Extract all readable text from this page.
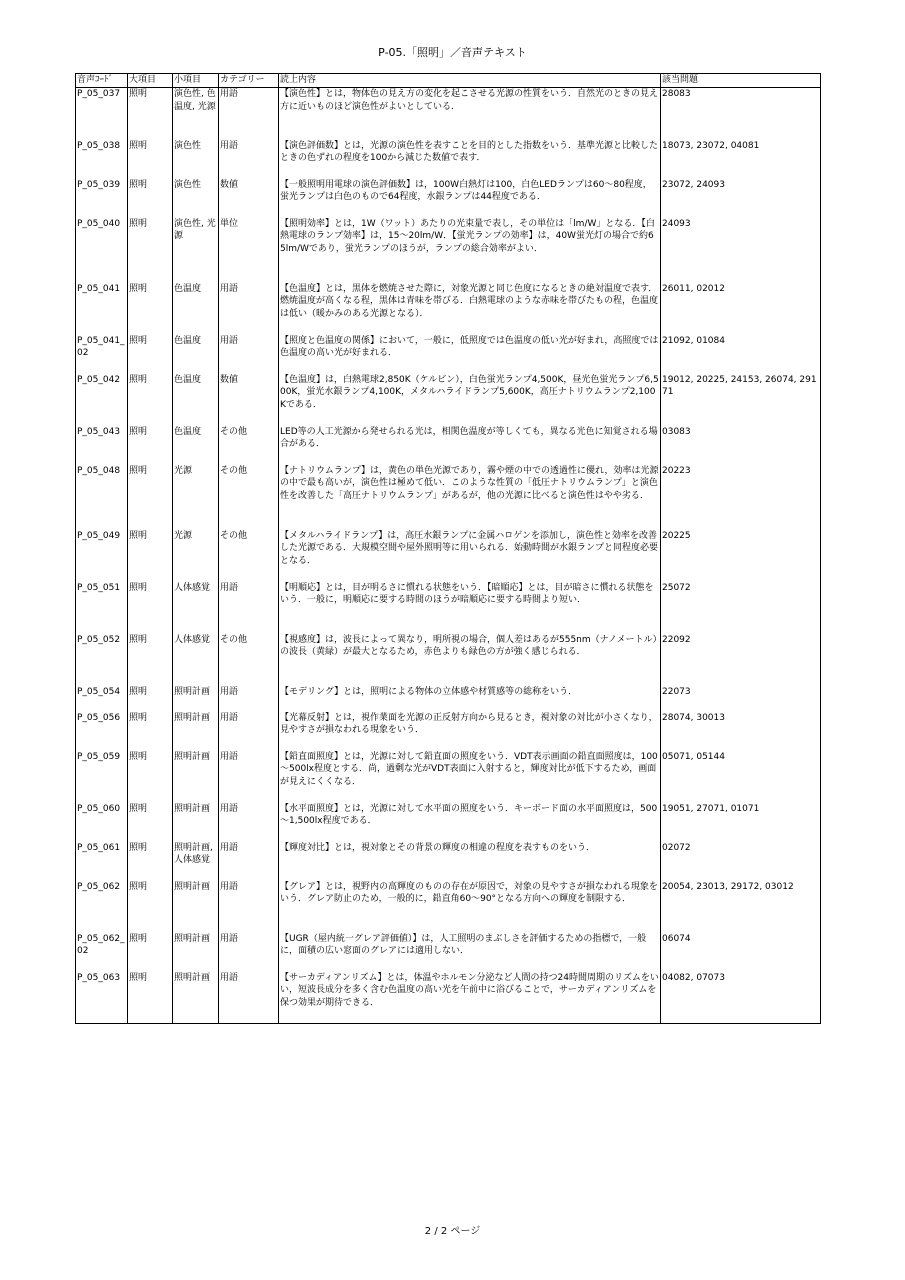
P-05.「照明」／音声テキスト
音声ｺｰﾄﾞ	大項目	小項目	カテゴリー	読上内容	該当問題
P_05_037	照明	演色性, 色温度, 光源	用語	【演色性】とは，物体色の見え方の変化を起こさせる光源の性質をいう．自然光のときの見え方に近いものほど演色性がよいとしている．	28083
P_05_038	照明	演色性	用語	【演色評価数】とは，光源の演色性を表すことを目的とした指数をいう．基準光源と比較したときの色ずれの程度を100から減じた数値で表す．	18073, 23072, 04081
P_05_039	照明	演色性	数値	【一般照明用電球の演色評価数】は，100W白熱灯は100，白色LEDランプは60～80程度，蛍光ランプは白色のもので64程度，水銀ランプは44程度である．	23072, 24093
P_05_040	照明	演色性, 光源	単位	【照明効率】とは，1W（ワット）あたりの光束量で表し，その単位は「lm/W」となる．【白熱電球のランプ効率】は，15～20lm/W．【蛍光ランプの効率】は，40W蛍光灯の場合で約65lm/Wであり，蛍光ランプのほうが，ランプの総合効率がよい．	24093
P_05_041	照明	色温度	用語	【色温度】とは，黒体を燃焼させた際に，対象光源と同じ色度になるときの絶対温度で表す．燃焼温度が高くなる程，黒体は青味を帯びる．白熱電球のような赤味を帯びたもの程，色温度は低い（暖かみのある光源となる）．	26011, 02012
P_05_041_02	照明	色温度	用語	【照度と色温度の関係】において，一般に，低照度では色温度の低い光が好まれ，高照度では色温度の高い光が好まれる．	21092, 01084
P_05_042	照明	色温度	数値	【色温度】は，白熱電球2,850K（ケルビン），白色蛍光ランプ4,500K，昼光色蛍光ランプ6,500K，蛍光水銀ランプ4,100K，メタルハライドランプ5,600K，高圧ナトリウムランプ2,100Kである．	19012, 20225, 24153, 26074, 29171
P_05_043	照明	色温度	その他	LED等の人工光源から発せられる光は，相関色温度が等しくても，異なる光色に知覚される場合がある．	03083
P_05_048	照明	光源	その他	【ナトリウムランプ】は，黄色の単色光源であり，霧や煙の中での透過性に優れ，効率は光源の中で最も高いが，演色性は極めて低い．このような性質の「低圧ナトリウムランプ」と演色性を改善した「高圧ナトリウムランプ」があるが，他の光源に比べると演色性はやや劣る．	20223
P_05_049	照明	光源	その他	【メタルハライドランプ】は，高圧水銀ランプに金属ハロゲンを添加し，演色性と効率を改善した光源である．大規模空間や屋外照明等に用いられる．始動時間が水銀ランプと同程度必要となる．	20225
P_05_051	照明	人体感覚	用語	【明順応】とは，目が明るさに慣れる状態をいう．【暗順応】とは，目が暗さに慣れる状態をいう．一般に，明順応に要する時間のほうが暗順応に要する時間より短い．	25072
P_05_052	照明	人体感覚	その他	【視感度】は，波長によって異なり，明所視の場合，個人差はあるが555nm（ナノメートル）の波長（黄緑）が最大となるため，赤色よりも緑色の方が強く感じられる．	22092
P_05_054	照明	照明計画	用語	【モデリング】とは，照明による物体の立体感や材質感等の総称をいう．	22073
P_05_056	照明	照明計画	用語	【光幕反射】とは，視作業面を光源の正反射方向から見るとき，視対象の対比が小さくなり，見やすさが損なわれる現象をいう．	28074, 30013
P_05_059	照明	照明計画	用語	【鉛直面照度】とは，光源に対して鉛直面の照度をいう．VDT表示画面の鉛直面照度は，100～500lx程度とする．尚，過剰な光がVDT表面に入射すると，輝度対比が低下するため，画面が見えにくくなる．	05071, 05144
P_05_060	照明	照明計画	用語	【水平面照度】とは，光源に対して水平面の照度をいう．キーボード面の水平面照度は，500～1,500lx程度である．	19051, 27071, 01071
P_05_061	照明	照明計画, 人体感覚	用語	【輝度対比】とは，視対象とその背景の輝度の相違の程度を表すものをいう．	02072
P_05_062	照明	照明計画	用語	【グレア】とは，視野内の高輝度のものの存在が原因で，対象の見やすさが損なわれる現象をいう．グレア防止のため，一般的に，鉛直角60～90°となる方向への輝度を制限する．	20054, 23013, 29172, 03012
P_05_062_02	照明	照明計画	用語	【UGR（屋内統一グレア評価値）】は，人工照明のまぶしさを評価するための指標で，一般に，面積の広い窓面のグレアには適用しない．	06074
P_05_063	照明	照明計画	用語	【サーカディアンリズム】とは，体温やホルモン分泌など人間の持つ24時間周期のリズムをいい，短波長成分を多く含む色温度の高い光を午前中に浴びることで，サーカディアンリズムを保つ効果が期待できる．	04082, 07073
2 / 2 ページ
